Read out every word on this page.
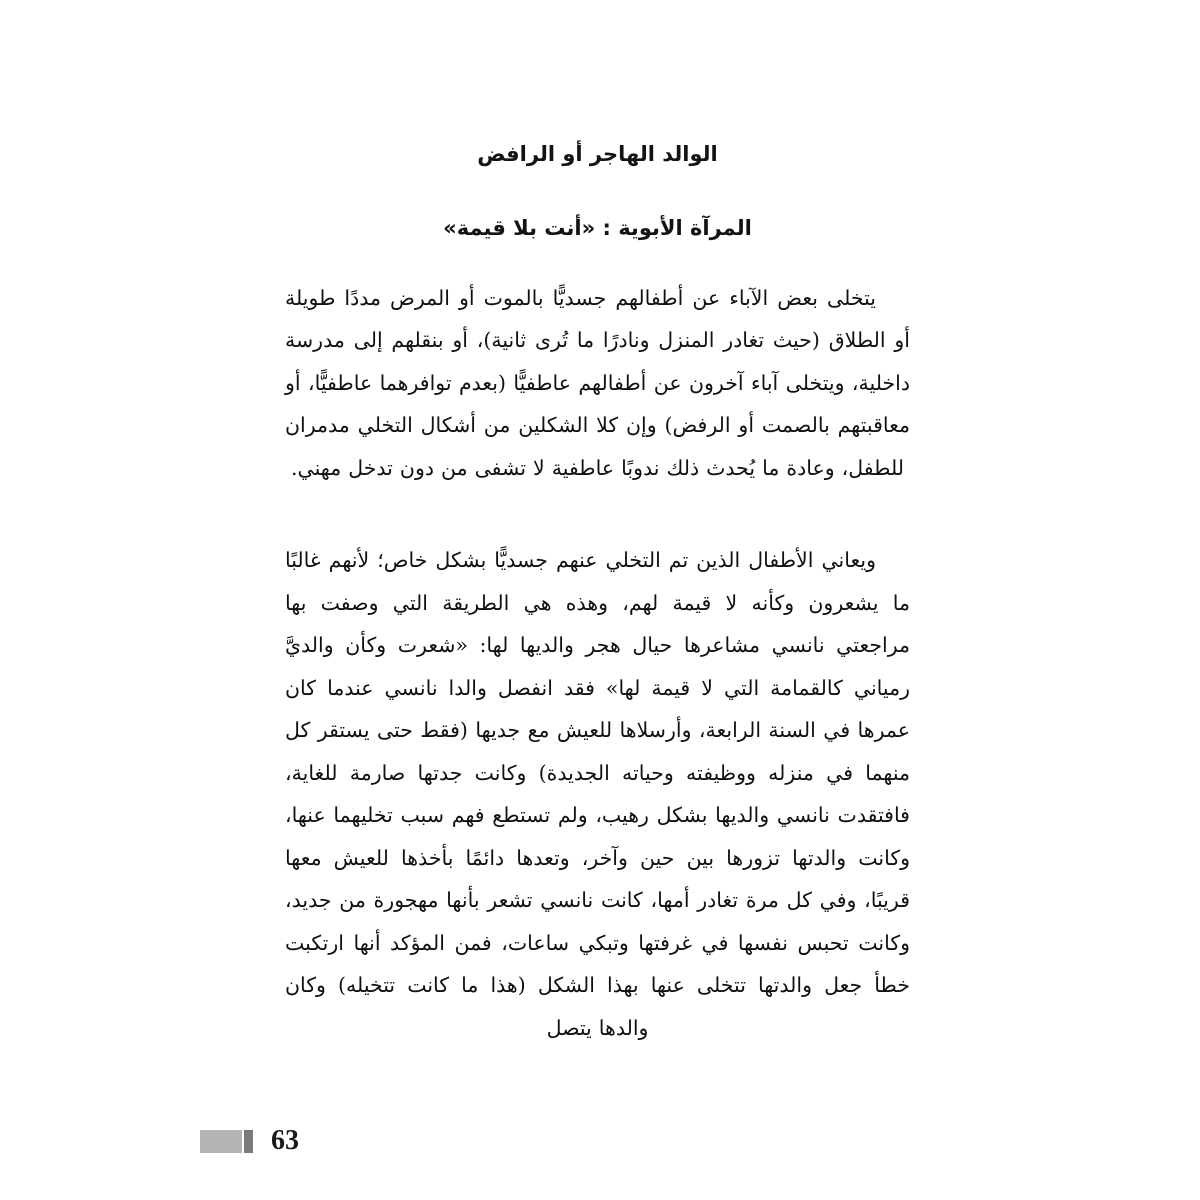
الوالد الهاجر أو الرافض
المرآة الأبوية : «أنت بلا قيمة»

يتخلى بعض الآباء عن أطفالهم جسديًّا بالموت أو المرض مددًا طويلة أو الطلاق (حيث تغادر المنزل ونادرًا ما تُرى ثانية)، أو بنقلهم إلى مدرسة داخلية، ويتخلى آباء آخرون عن أطفالهم عاطفيًّا (بعدم توافرهما عاطفيًّا، أو معاقبتهم بالصمت أو الرفض) وإن كلا الشكلين من أشكال التخلي مدمران للطفل، وعادة ما يُحدث ذلك ندوبًا عاطفية لا تشفى من دون تدخل مهني.

ويعاني الأطفال الذين تم التخلي عنهم جسديًّا بشكل خاص؛ لأنهم غالبًا ما يشعرون وكأنه لا قيمة لهم، وهذه هي الطريقة التي وصفت بها مراجعتي نانسي مشاعرها حيال هجر والديها لها: «شعرت وكأن والديَّ رمياني كالقمامة التي لا قيمة لها» فقد انفصل والدا نانسي عندما كان عمرها في السنة الرابعة، وأرسلاها للعيش مع جديها (فقط حتى يستقر كل منهما في منزله ووظيفته وحياته الجديدة) وكانت جدتها صارمة للغاية، فافتقدت نانسي والديها بشكل رهيب، ولم تستطع فهم سبب تخليهما عنها، وكانت والدتها تزورها بين حين وآخر، وتعدها دائمًا بأخذها للعيش معها قريبًا، وفي كل مرة تغادر أمها، كانت نانسي تشعر بأنها مهجورة من جديد، وكانت تحبس نفسها في غرفتها وتبكي ساعات، فمن المؤكد أنها ارتكبت خطأ جعل والدتها تتخلى عنها بهذا الشكل (هذا ما كانت تتخيله) وكان والدها يتصل

63
